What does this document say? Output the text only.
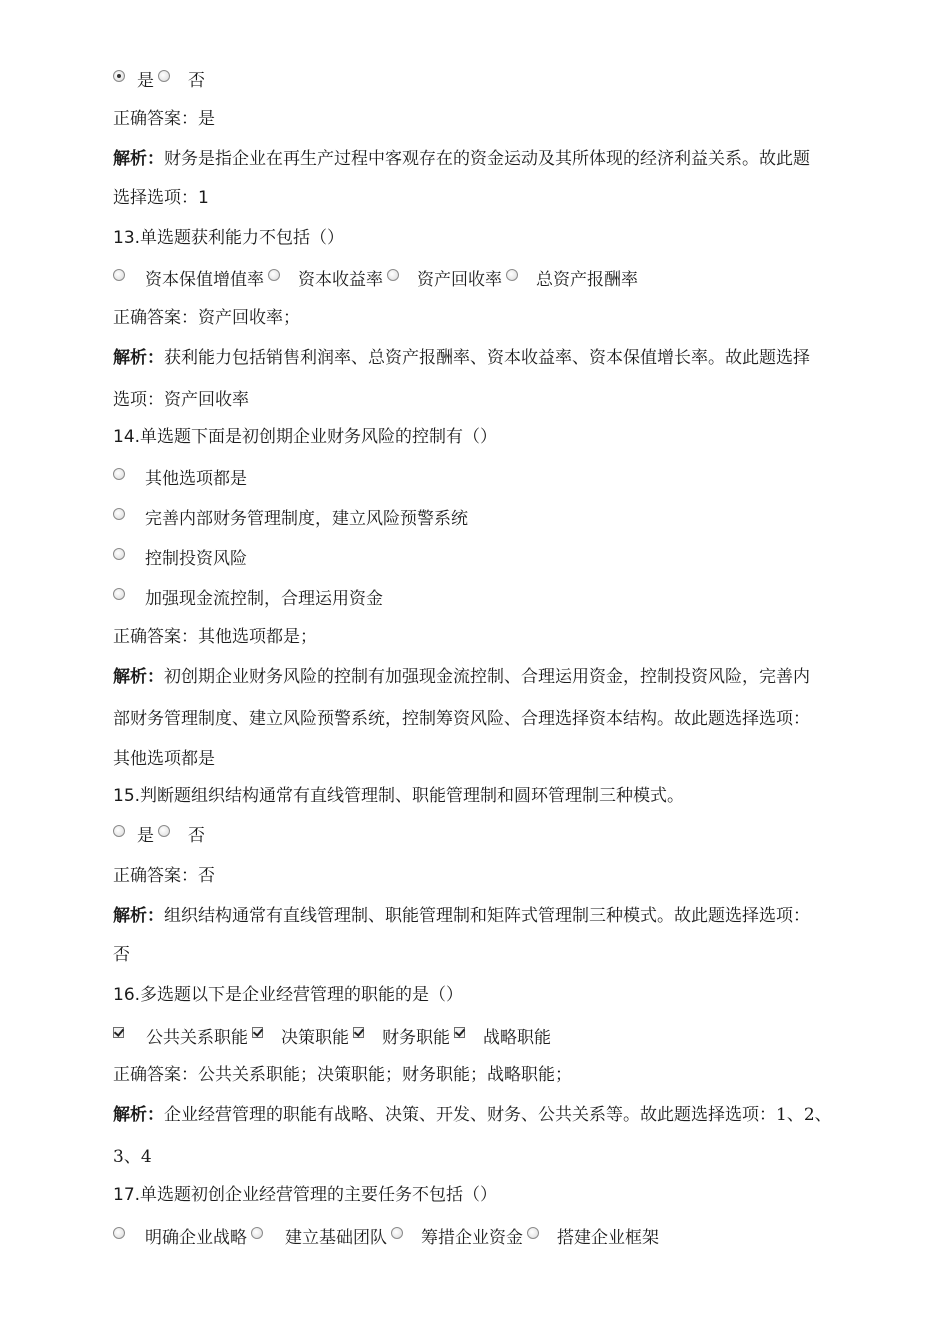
是 否
正确答案：是
解析：财务是指企业在再生产过程中客观存在的资金运动及其所体现的经济利益关系。故此题
选择选项：1
13.单选题获利能力不包括（）
资本保值增值率 资本收益率 资产回收率 总资产报酬率
正确答案：资产回收率；
解析：获利能力包括销售利润率、总资产报酬率、资本收益率、资本保值增长率。故此题选择
选项：资产回收率
14.单选题下面是初创期企业财务风险的控制有（）
其他选项都是
完善内部财务管理制度，建立风险预警系统
控制投资风险
加强现金流控制，合理运用资金
正确答案：其他选项都是；
解析：初创期企业财务风险的控制有加强现金流控制、合理运用资金，控制投资风险，完善内
部财务管理制度、建立风险预警系统，控制筹资风险、合理选择资本结构。故此题选择选项：
其他选项都是
15.判断题组织结构通常有直线管理制、职能管理制和圆环管理制三种模式。
是 否
正确答案：否
解析：组织结构通常有直线管理制、职能管理制和矩阵式管理制三种模式。故此题选择选项：
否
16.多选题以下是企业经营管理的职能的是（）
公共关系职能 决策职能 财务职能 战略职能
正确答案：公共关系职能；决策职能；财务职能；战略职能；
解析：企业经营管理的职能有战略、决策、开发、财务、公共关系等。故此题选择选项：1、2、
3、4
17.单选题初创企业经营管理的主要任务不包括（）
明确企业战略 建立基础团队 筹措企业资金 搭建企业框架
